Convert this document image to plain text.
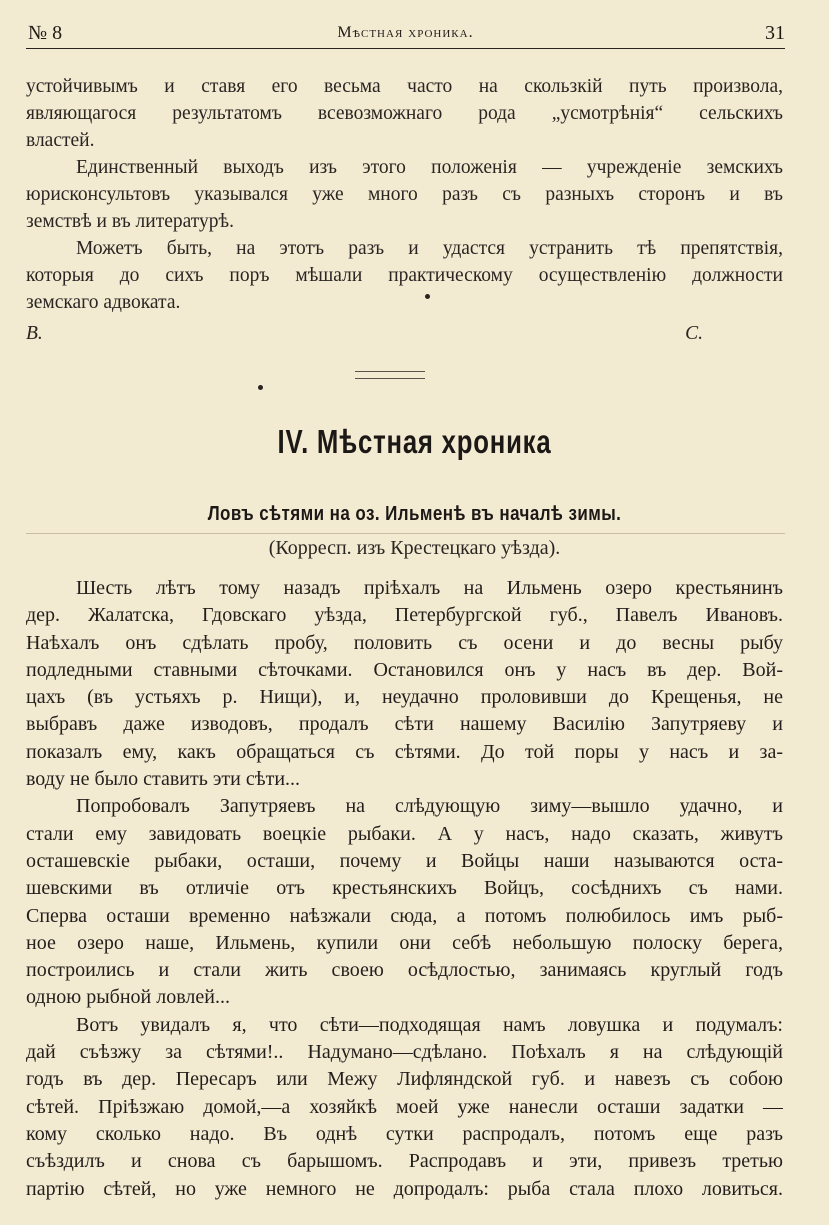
№ 8	Мѣстная хроника.	31
устойчивымъ и ставя его весьма часто на скользкій путь произвола,
являющагося результатомъ всевозможнаго рода „усмотрѣнія“ сельскихъ
властей.
Единственный выходъ изъ этого положенія — учрежденіе земскихъ
юрисконсультовъ указывался уже много разъ съ разныхъ сторонъ и въ
земствѣ и въ литературѣ.
Можетъ быть, на этотъ разъ и удастся устранить тѣ препятствія,
которыя до сихъ поръ мѣшали практическому осуществленію должности
земскаго адвоката.
В. С.
IV. Мѣстная хроника
Ловъ сѣтями на оз. Ильменѣ въ началѣ зимы.
(Корресп. изъ Крестецкаго уѣзда).
Шесть лѣтъ тому назадъ пріѣхалъ на Ильмень озеро крестьянинъ
дер. Жалатска, Гдовскаго уѣзда, Петербургской губ., Павелъ Ивановъ.
Наѣхалъ онъ сдѣлать пробу, половить съ осени и до весны рыбу
подледными ставными сѣточками. Остановился онъ у насъ въ дер. Вой-
цахъ (въ устьяхъ р. Нищи), и, неудачно проловивши до Крещенья, не
выбравъ даже изводовъ, продалъ сѣти нашему Василію Запутряеву и
показалъ ему, какъ обращаться съ сѣтями. До той поры у насъ и за-
воду не было ставить эти сѣти...
Попробовалъ Запутряевъ на слѣдующую зиму—вышло удачно, и
стали ему завидовать воецкіе рыбаки. А у насъ, надо сказать, живутъ
осташевскіе рыбаки, осташи, почему и Войцы наши называются оста-
шевскими въ отличіе отъ крестьянскихъ Войцъ, сосѣднихъ съ нами.
Сперва осташи временно наѣзжали сюда, а потомъ полюбилось имъ рыб-
ное озеро наше, Ильмень, купили они себѣ небольшую полоску берега,
построились и стали жить своею осѣдлостью, занимаясь круглый годъ
одною рыбной ловлей...
Вотъ увидалъ я, что сѣти—подходящая намъ ловушка и подумалъ:
дай съѣзжу за сѣтями!.. Надумано—сдѣлано. Поѣхалъ я на слѣдующій
годъ въ дер. Пересаръ или Межу Лифляндской губ. и навезъ съ собою
сѣтей. Пріѣзжаю домой,—а хозяйкѣ моей уже нанесли осташи задатки —
кому сколько надо. Въ однѣ сутки распродалъ, потомъ еще разъ
съѣздилъ и снова съ барышомъ. Распродавъ и эти, привезъ третью
партію сѣтей, но уже немного не допродалъ: рыба стала плохо ловиться.
